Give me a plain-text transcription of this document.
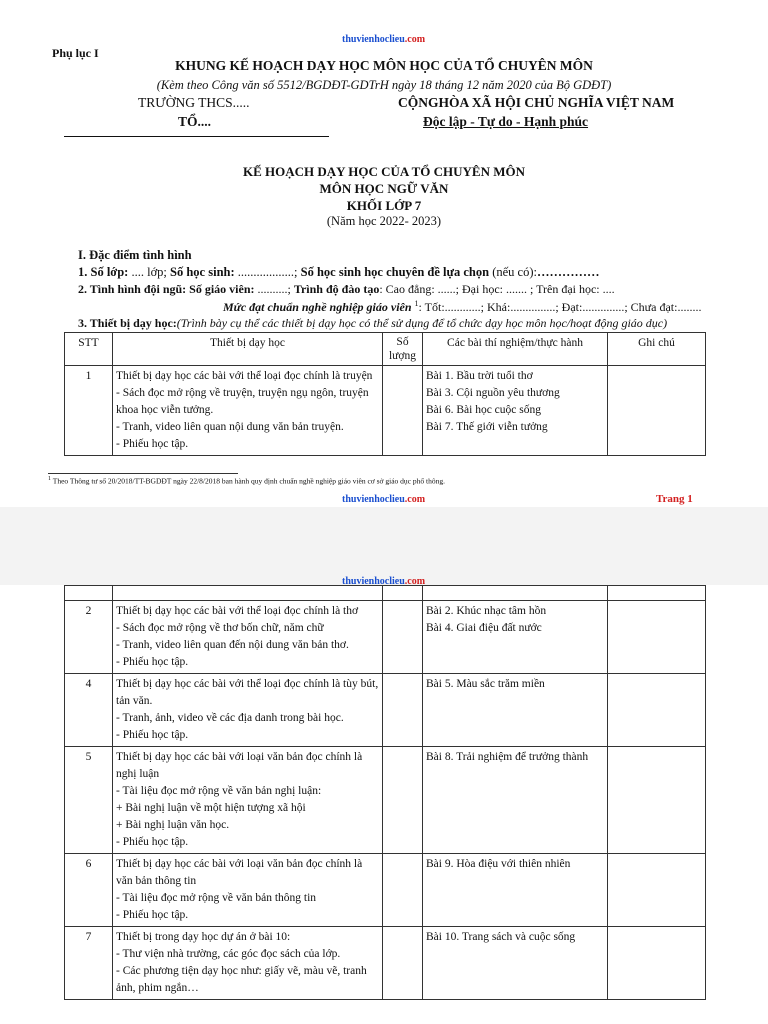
thuvienhoclieu.com
Phụ lục I
KHUNG KẾ HOẠCH DẠY HỌC MÔN HỌC CỦA TỔ CHUYÊN MÔN
(Kèm theo Công văn số 5512/BGDĐT-GDTrH ngày 18 tháng 12 năm 2020 của Bộ GDĐT)
TRƯỜNG THCS.....	CỘNGHÒA XÃ HỘI CHỦ NGHĨA VIỆT NAM
TỔ....	Độc lập - Tự do - Hạnh phúc
KẾ HOẠCH DẠY HỌC CỦA TỔ CHUYÊN MÔN
MÔN HỌC NGỮ VĂN
KHỐI LỚP 7
(Năm học 2022- 2023)
I. Đặc điểm tình hình
1. Số lớp: .... lớp; Số học sinh: ..................; Số học sinh học chuyên đề lựa chọn (nếu có):……………
2. Tình hình đội ngũ: Số giáo viên: ..........; Trình độ đào tạo: Cao đẳng: ......; Đại học: ....... ; Trên đại học: ....
Mức đạt chuẩn nghề nghiệp giáo viên $^1$: Tốt:............; Khá:...............; Đạt:..............; Chưa đạt:........
3. Thiết bị dạy học:(Trình bày cụ thể các thiết bị dạy học có thể sử dụng để tổ chức dạy học môn học/hoạt động giáo dục)
STT	Thiết bị dạy học	Số lượng	Các bài thí nghiệm/thực hành	Ghi chú
1	Thiết bị dạy học các bài với thể loại đọc chính là truyện
- Sách đọc mở rộng về truyện, truyện ngụ ngôn, truyện khoa học viễn tưởng.
- Tranh, video liên quan nội dung văn bản truyện.
- Phiếu học tập.		Bài 1. Bầu trời tuổi thơ
Bài 3. Cội nguồn yêu thương
Bài 6. Bài học cuộc sống
Bài 7. Thế giới viễn tưởng	

$^1$ Theo Thông tư số 20/2018/TT-BGDĐT ngày 22/8/2018 ban hành quy định chuẩn nghề nghiệp giáo viên cơ sở giáo dục phổ thông.
thuvienhoclieu.com	Trang 1
thuvienhoclieu.com

2	Thiết bị dạy học các bài với thể loại đọc chính là thơ
- Sách đọc mở rộng về thơ bốn chữ, năm chữ
- Tranh, video liên quan đến nội dung văn bản thơ.
- Phiếu học tập.		Bài 2. Khúc nhạc tâm hồn
Bài 4. Giai điệu đất nước	

4	Thiết bị dạy học các bài với thể loại đọc chính là tùy bút, tản văn.
- Tranh, ảnh, video về các địa danh trong bài học.
- Phiếu học tập.		Bài 5. Màu sắc trăm miền	

5	Thiết bị dạy học các bài với loại văn bản đọc chính là nghị luận
- Tài liệu đọc mở rộng về văn bản nghị luận:
+ Bài nghị luận về một hiện tượng xã hội
+ Bài nghị luận văn học.
- Phiếu học tập.		Bài 8. Trải nghiệm để trưởng thành	

6	Thiết bị dạy học các bài với loại văn bản đọc chính là văn bản thông tin
- Tài liệu đọc mở rộng về văn bản thông tin
- Phiếu học tập.		Bài 9. Hòa điệu với thiên nhiên	

7	Thiết bị trong dạy học dự án ở bài 10:
- Thư viện nhà trường, các góc đọc sách của lớp.
- Các phương tiện dạy học như: giấy vẽ, màu vẽ, tranh ảnh, phim ngắn…		Bài 10. Trang sách và cuộc sống	
